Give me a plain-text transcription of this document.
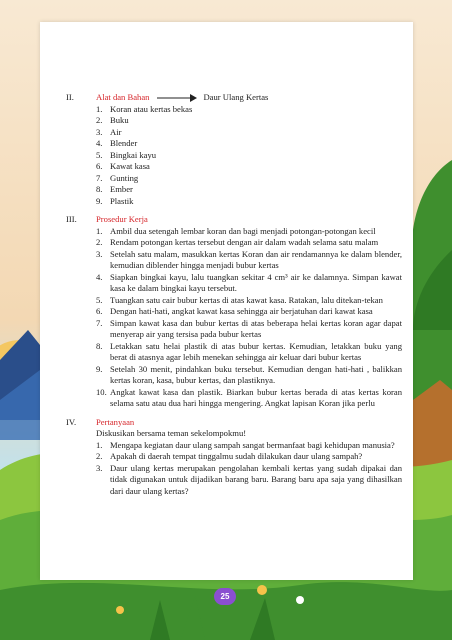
II.	Alat dan Bahan	Daur Ulang Kertas
1. Koran atau kertas bekas
2. Buku
3. Air
4. Blender
5. Bingkai kayu
6. Kawat kasa
7. Gunting
8. Ember
9. Plastik
III.	Prosedur Kerja
1. Ambil dua setengah lembar koran dan bagi menjadi potongan-potongan kecil
2. Rendam potongan kertas tersebut dengan air dalam wadah selama satu malam
3. Setelah satu malam, masukkan kertas Koran dan air rendamannya ke dalam blender, kemudian diblender hingga menjadi bubur kertas
4. Siapkan bingkai kayu, lalu tuangkan sekitar 4 cm³ air ke dalamnya. Simpan kawat kasa ke dalam bingkai kayu tersebut.
5. Tuangkan satu cair bubur kertas di atas kawat kasa. Ratakan, lalu ditekan-tekan
6. Dengan hati-hati, angkat kawat kasa sehingga air berjatuhan dari kawat kasa
7. Simpan kawat kasa dan bubur kertas di atas beberapa helai kertas koran agar dapat menyerap air yang tersisa pada bubur kertas
8. Letakkan satu helai plastik di atas bubur kertas. Kemudian, letakkan buku yang berat di atasnya agar lebih menekan sehingga air keluar dari bubur kertas
9. Setelah 30 menit, pindahkan buku tersebut. Kemudian dengan hati-hati , balikkan kertas koran, kasa, bubur kertas, dan plastiknya.
10. Angkat kawat kasa dan plastik. Biarkan bubur kertas berada di atas kertas koran selama satu atau dua hari hingga mengering. Angkat lapisan Koran jika perlu
IV.	Pertanyaan
Diskusikan bersama teman sekelompokmu!
1. Mengapa kegiatan daur ulang sampah sangat bermanfaat bagi kehidupan manusia?
2. Apakah di daerah tempat tinggalmu sudah dilakukan daur ulang sampah?
3. Daur ulang kertas merupakan pengolahan kembali kertas yang sudah dipakai dan tidak digunakan untuk dijadikan barang baru. Barang baru apa saja yang dihasilkan dari daur ulang kertas?
25
